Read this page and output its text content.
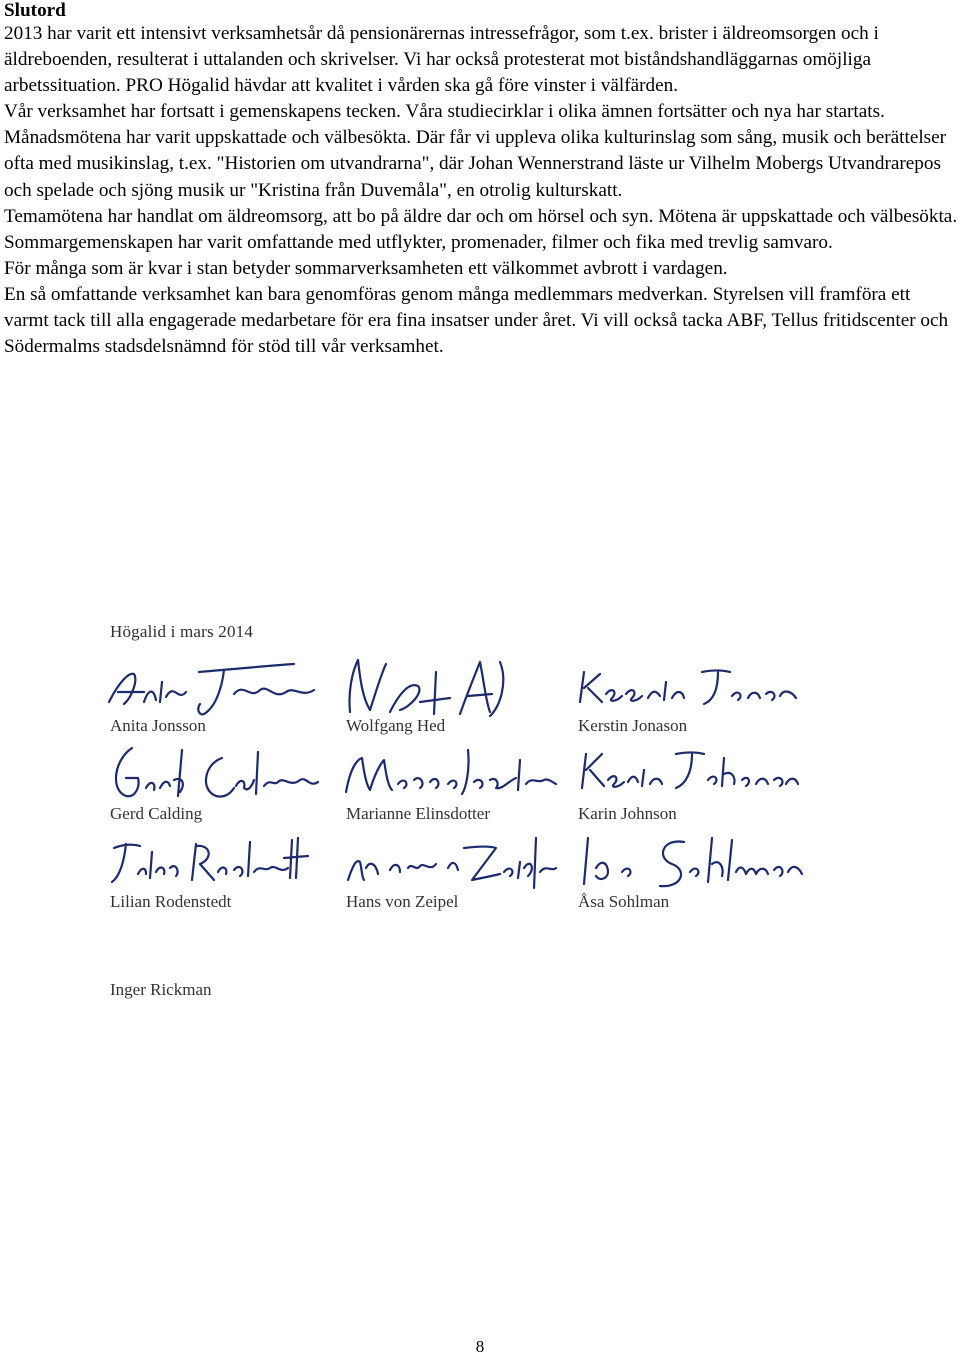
Slutord

2013 har varit ett intensivt verksamhetsår då pensionärernas intressefrågor, som t.ex. brister i äldreomsorgen och i äldreboenden, resulterat i uttalanden och skrivelser. Vi har också protesterat mot biståndshandläggarnas omöjliga arbetssituation. PRO Högalid hävdar att kvalitet i vården ska gå före vinster i välfärden.

Vår verksamhet har fortsatt i gemenskapens tecken. Våra studiecirklar i olika ämnen fortsätter och nya har startats.

Månadsmötena har varit uppskattade och välbesökta. Där får vi uppleva olika kulturinslag som sång, musik och berättelser ofta med musikinslag, t.ex. "Historien om utvandrarna", där Johan Wennerstrand läste ur Vilhelm Mobergs Utvandrarepos och spelade och sjöng musik ur "Kristina från Duvemåla", en otrolig kulturskatt.

Temamötena har handlat om äldreomsorg, att bo på äldre dar och om hörsel och syn. Mötena är uppskattade och välbesökta.

Sommargemenskapen har varit omfattande med utflykter, promenader, filmer och fika med trevlig samvaro.

För många som är kvar i stan betyder sommarverksamheten ett välkommet avbrott i vardagen.

En så omfattande verksamhet kan bara genomföras genom många medlemmars medverkan. Styrelsen vill framföra ett varmt tack till alla engagerade medarbetare för era fina insatser under året. Vi vill också tacka ABF, Tellus fritidscenter och Södermalms stadsdelsnämnd för stöd till vår verksamhet.

Högalid i mars 2014
Anita Jonsson	Wolfgang Hed	Kerstin Jonason
Gerd Calding	Marianne Elinsdotter	Karin Johnson
Lilian Rodenstedt	Hans von Zeipel	Åsa Sohlman
Inger Rickman
8
